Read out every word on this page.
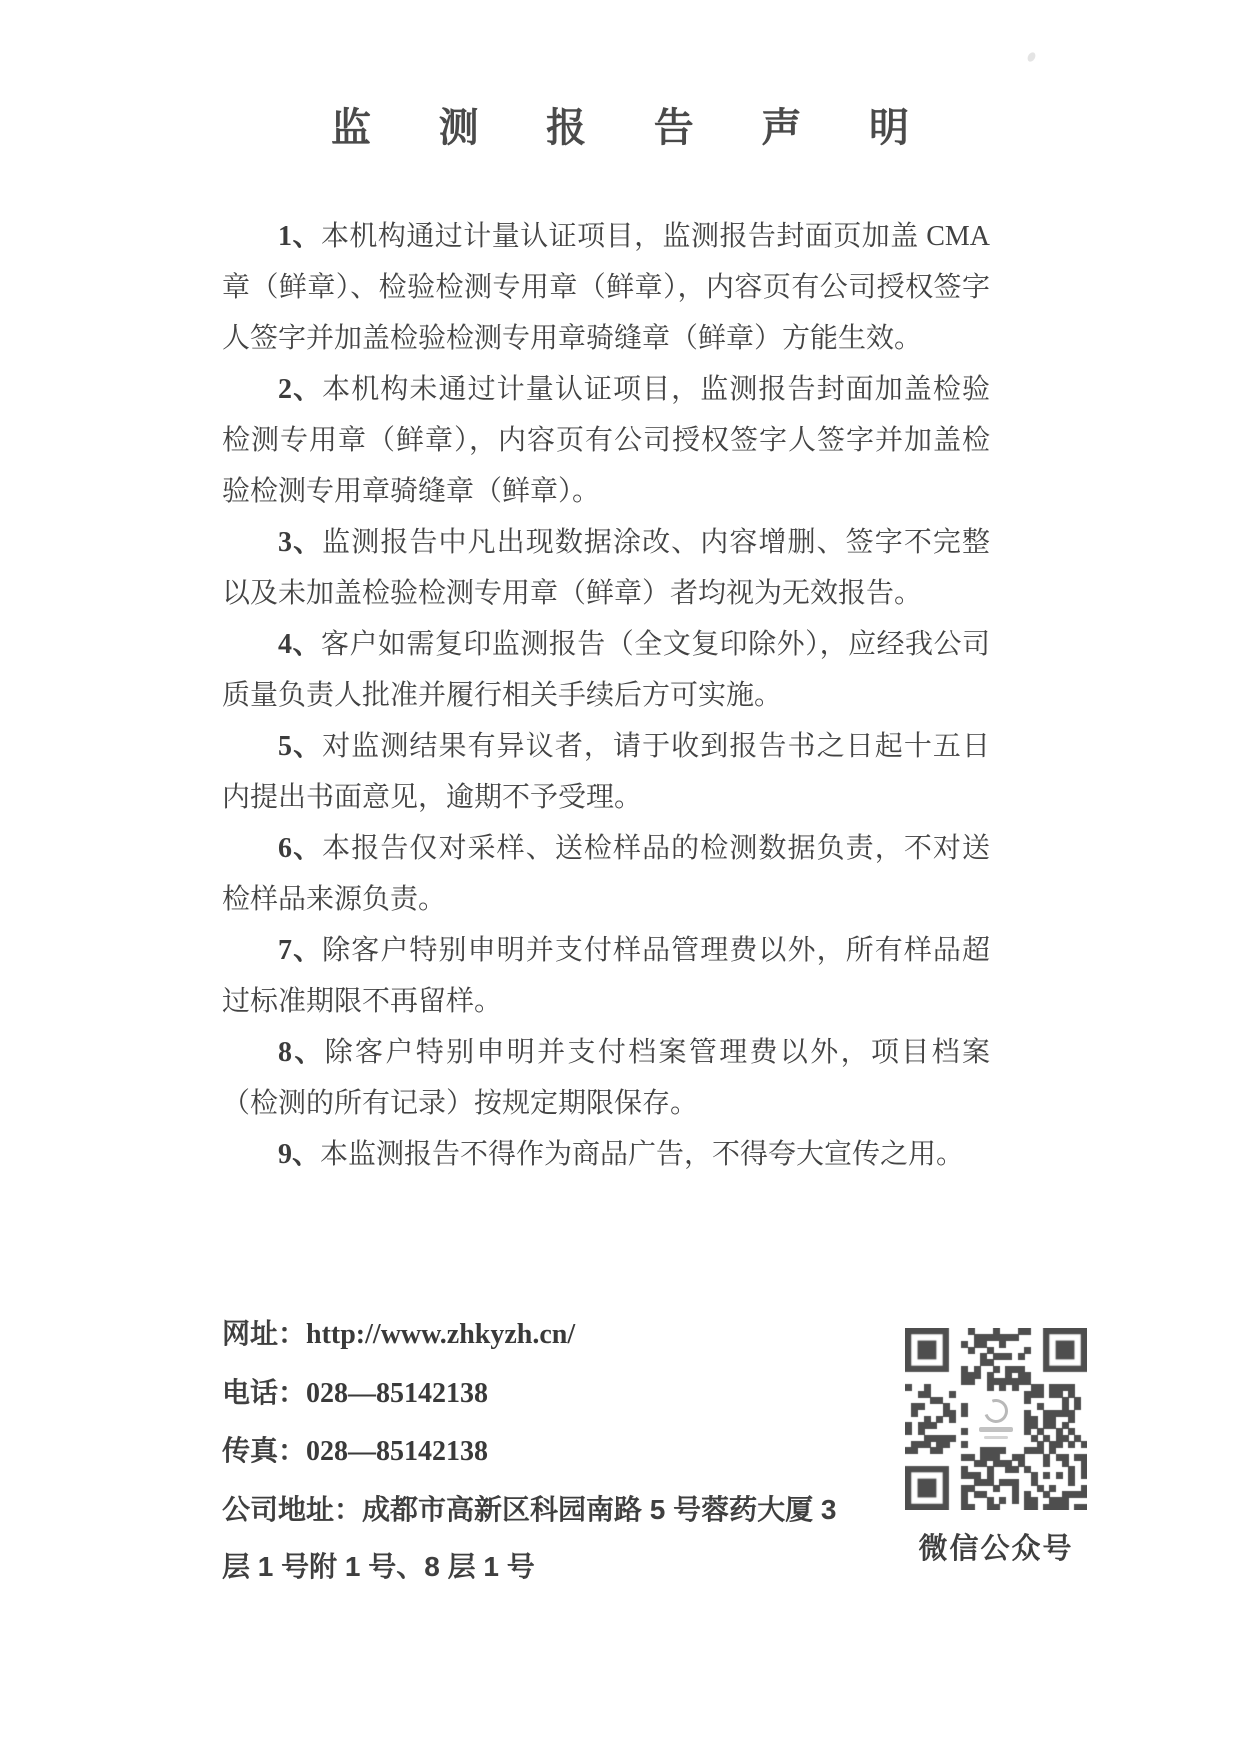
监 测 报 告 声 明

1、本机构通过计量认证项目，监测报告封面页加盖 CMA 章（鲜章）、检验检测专用章（鲜章），内容页有公司授权签字人签字并加盖检验检测专用章骑缝章（鲜章）方能生效。

2、本机构未通过计量认证项目，监测报告封面加盖检验检测专用章（鲜章），内容页有公司授权签字人签字并加盖检验检测专用章骑缝章（鲜章）。

3、监测报告中凡出现数据涂改、内容增删、签字不完整以及未加盖检验检测专用章（鲜章）者均视为无效报告。

4、客户如需复印监测报告（全文复印除外），应经我公司质量负责人批准并履行相关手续后方可实施。

5、对监测结果有异议者，请于收到报告书之日起十五日内提出书面意见，逾期不予受理。

6、本报告仅对采样、送检样品的检测数据负责，不对送检样品来源负责。

7、除客户特别申明并支付样品管理费以外，所有样品超过标准期限不再留样。

8、除客户特别申明并支付档案管理费以外，项目档案（检测的所有记录）按规定期限保存。

9、本监测报告不得作为商品广告，不得夸大宣传之用。

网址：http://www.zhkyzh.cn/
电话：028—85142138
传真：028—85142138
公司地址：成都市高新区科园南路 5 号蓉药大厦 3
层 1 号附 1 号、8 层 1 号
微信公众号
